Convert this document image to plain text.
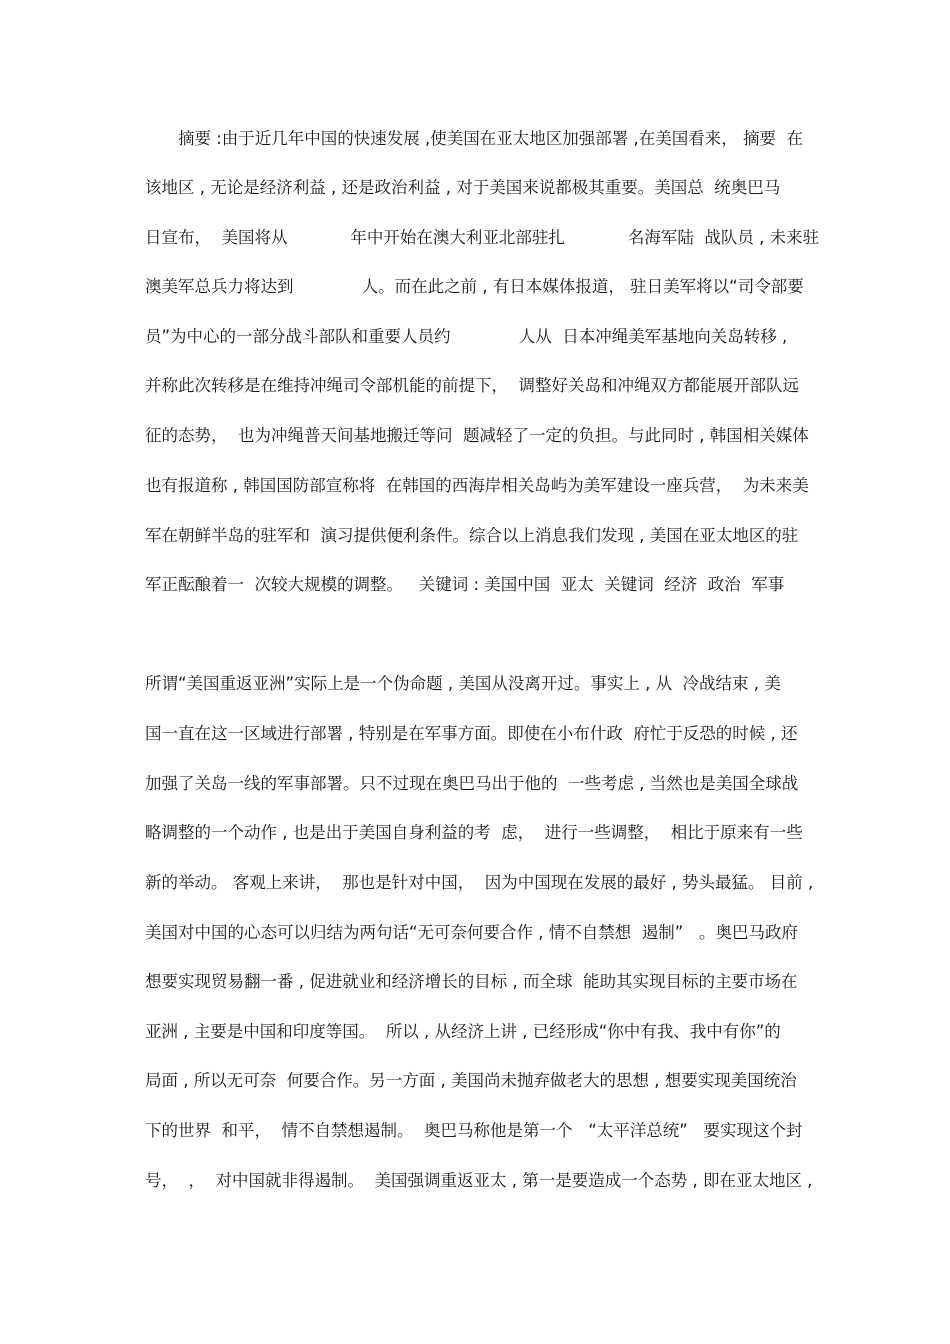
摘要 :由于近几年中国的快速发展 ,使美国在亚太地区加强部署 ,在美国看来， 摘要  在
该地区 , 无论是经济利益 , 还是政治利益 , 对于美国来说都极其重要。美国总  统奥巴马
日宣布，  美国将从            年中开始在澳大利亚北部驻扎            名海军陆  战队员 , 未来驻
澳美军总兵力将达到             人。而在此之前 , 有日本媒体报道， 驻日美军将以“司令部要
员”为中心的一部分战斗部队和重要人员约             人从  日本冲绳美军基地向关岛转移 ,
并称此次转移是在维持冲绳司令部机能的前提下，  调整好关岛和冲绳双方都能展开部队远
征的态势，  也为冲绳普天间基地搬迁等问  题减轻了一定的负担。与此同时 , 韩国相关媒体
也有报道称 , 韩国国防部宣称将  在韩国的西海岸相关岛屿为美军建设一座兵营，  为未来美
军在朝鲜半岛的驻军和  演习提供便利条件。综合以上消息我们发现 , 美国在亚太地区的驻
军正酝酿着一  次较大规模的调整。   关键词 : 美国中国  亚太  关键词  经济  政治  军事
所谓“美国重返亚洲”实际上是一个伪命题 , 美国从没离开过。事实上 , 从  冷战结束 , 美
国一直在这一区域进行部署 , 特别是在军事方面。即使在小布什政  府忙于反恐的时候 , 还
加强了关岛一线的军事部署。只不过现在奥巴马出于他的  一些考虑 , 当然也是美国全球战
略调整的一个动作 , 也是出于美国自身利益的考  虑，  进行一些调整，  相比于原来有一些
新的举动。 客观上来讲，  那也是针对中国，  因为中国现在发展的最好 , 势头最猛。 目前 ,
美国对中国的心态可以归结为两句话“无可奈何要合作 , 情不自禁想  遏制”   。奥巴马政府
想要实现贸易翻一番 , 促进就业和经济增长的目标 , 而全球  能助其实现目标的主要市场在
亚洲 , 主要是中国和印度等国。  所以 , 从经济上讲 , 已经形成“你中有我、我中有你”的
局面 , 所以无可奈  何要合作。另一方面 , 美国尚未抛弃做老大的思想 , 想要实现美国统治
下的世界  和平，  情不自禁想遏制。  奥巴马称他是第一个   “太平洋总统”   要实现这个封
号，  ，  对中国就非得遏制。  美国强调重返亚太 , 第一是要造成一个态势 , 即在亚太地区 ,
